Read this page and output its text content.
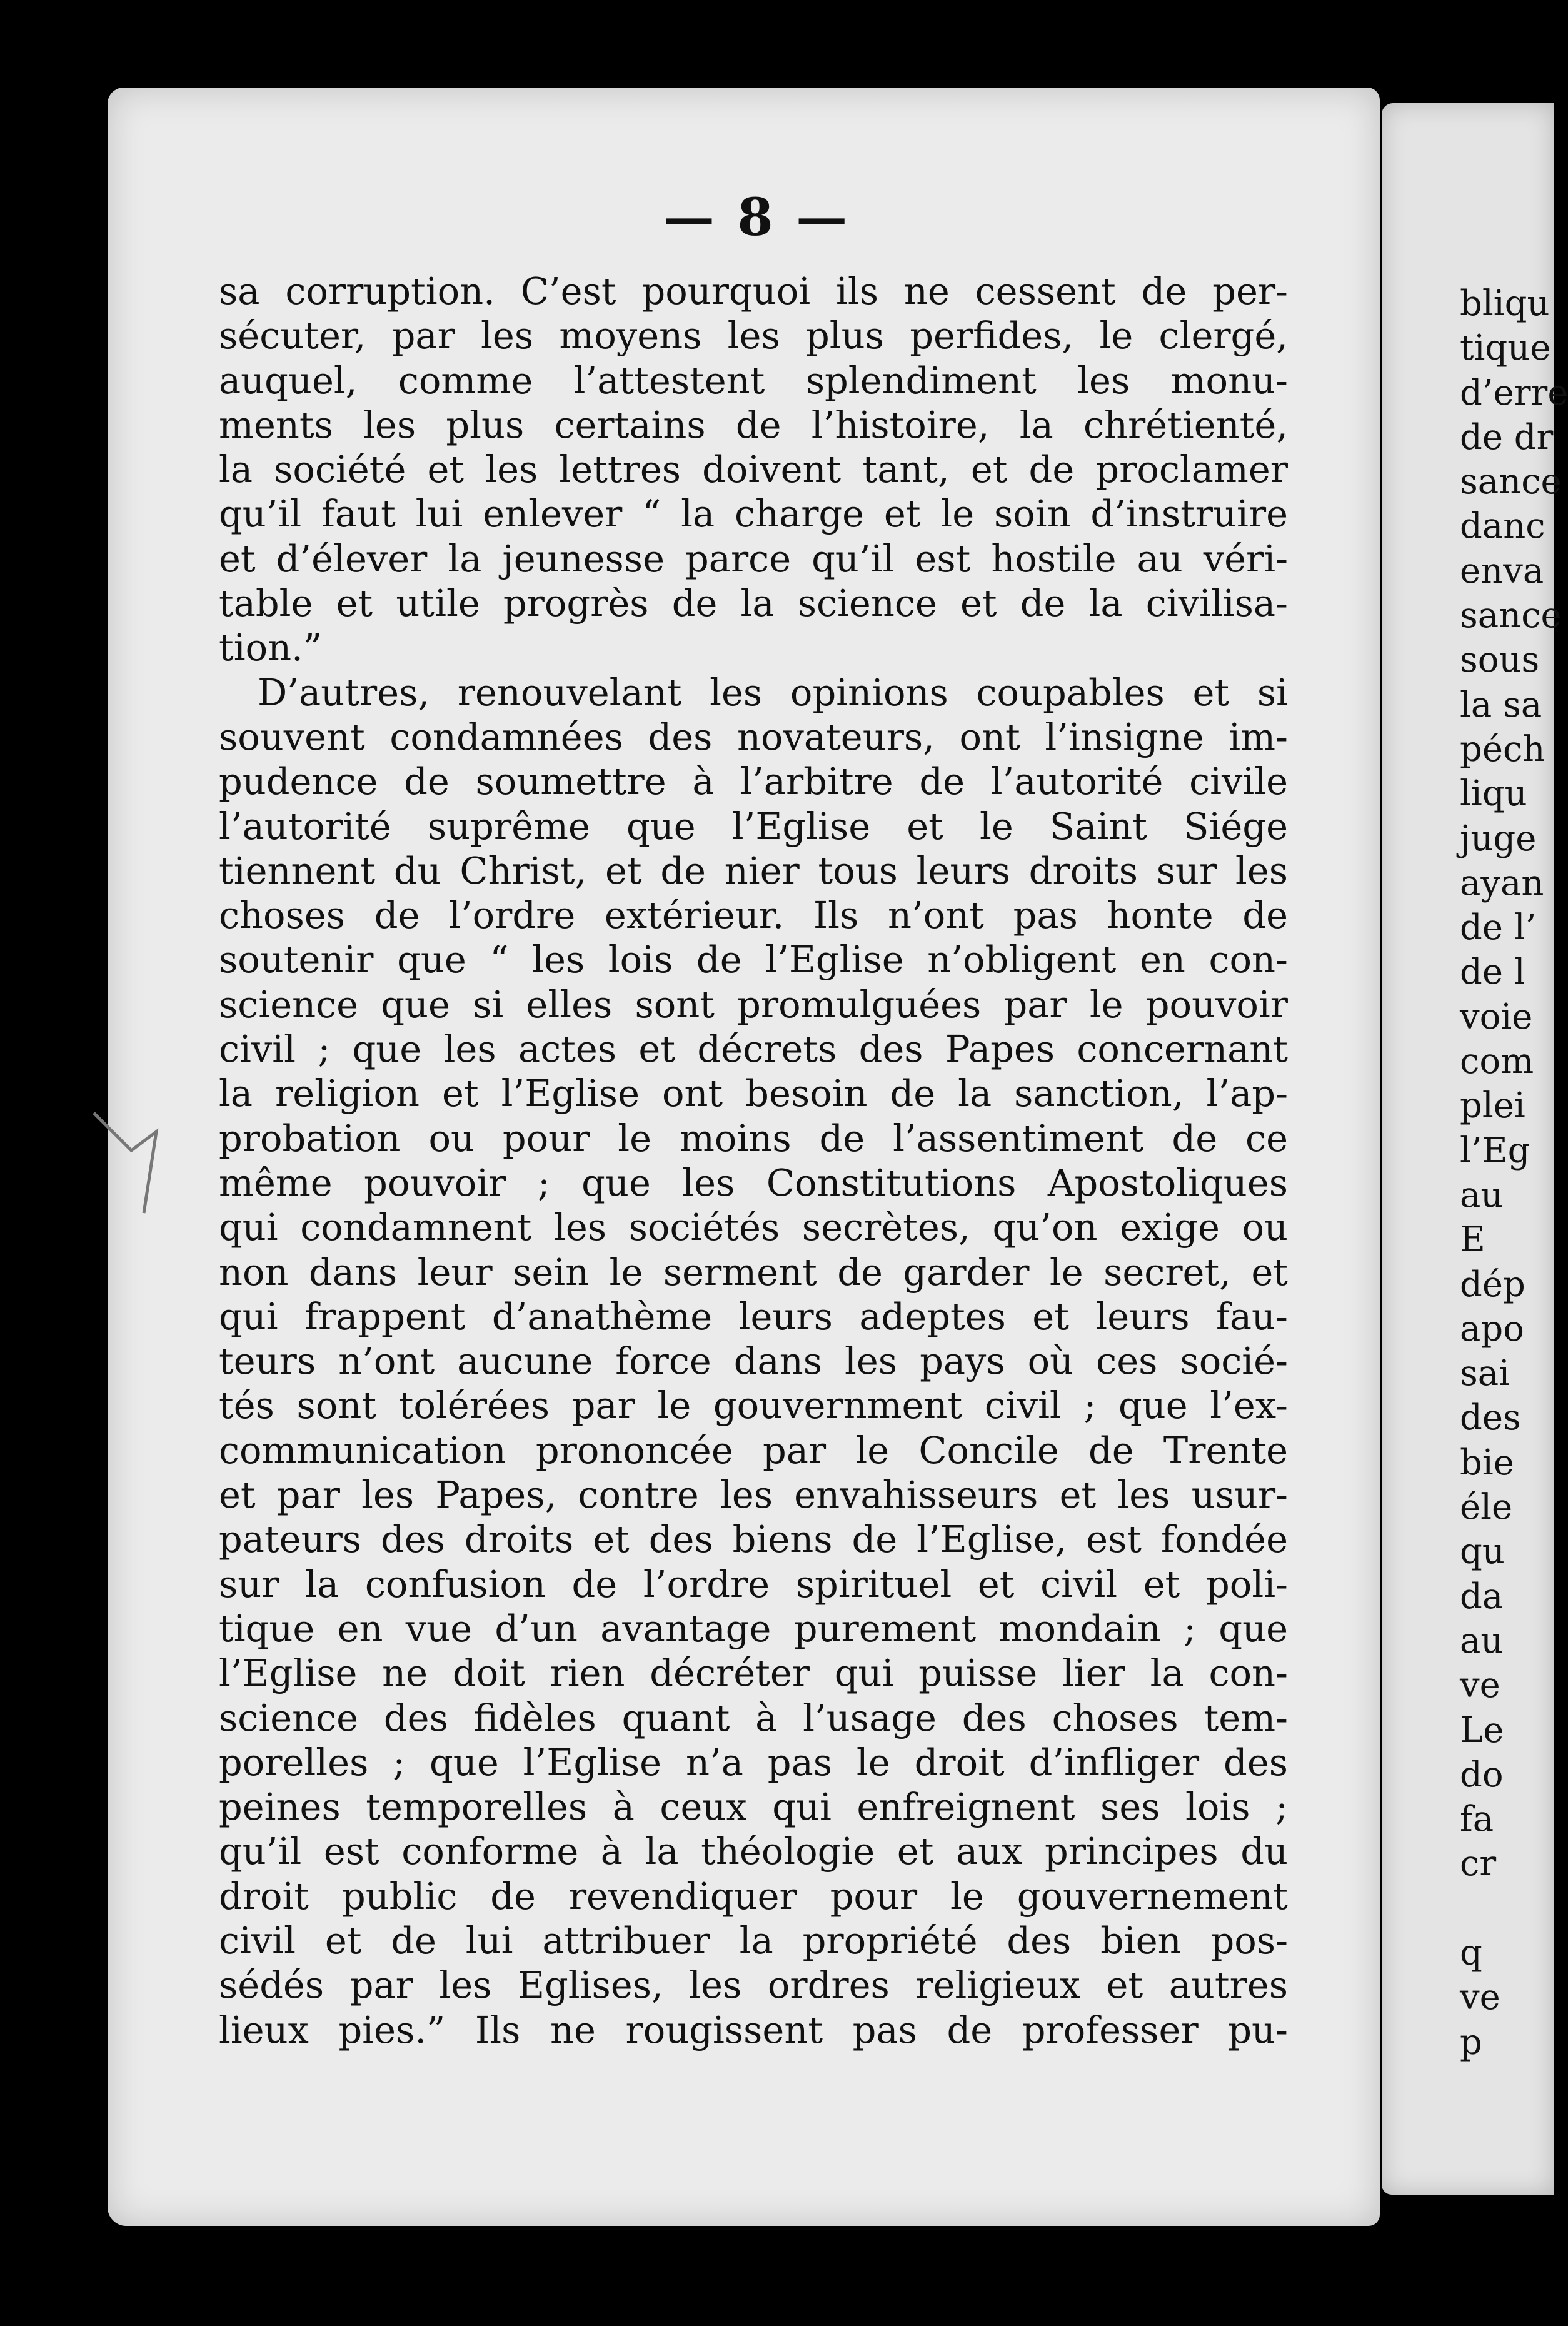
— 8 —
sa corruption. C’est pourquoi ils ne cessent de per-
sécuter, par les moyens les plus perfides, le clergé,
auquel, comme l’attestent splendiment les monu-
ments les plus certains de l’histoire, la chrétienté,
la société et les lettres doivent tant, et de proclamer
qu’il faut lui enlever “ la charge et le soin d’instruire
et d’élever la jeunesse parce qu’il est hostile au véri-
table et utile progrès de la science et de la civilisa-
tion.”
D’autres, renouvelant les opinions coupables et si
souvent condamnées des novateurs, ont l’insigne im-
pudence de soumettre à l’arbitre de l’autorité civile
l’autorité suprême que l’Eglise et le Saint Siége
tiennent du Christ, et de nier tous leurs droits sur les
choses de l’ordre extérieur. Ils n’ont pas honte de
soutenir que “ les lois de l’Eglise n’obligent en con-
science que si elles sont promulguées par le pouvoir
civil ; que les actes et décrets des Papes concernant
la religion et l’Eglise ont besoin de la sanction, l’ap-
probation ou pour le moins de l’assentiment de ce
même pouvoir ; que les Constitutions Apostoliques
qui condamnent les sociétés secrètes, qu’on exige ou
non dans leur sein le serment de garder le secret, et
qui frappent d’anathème leurs adeptes et leurs fau-
teurs n’ont aucune force dans les pays où ces socié-
tés sont tolérées par le gouvernment civil ; que l’ex-
communication prononcée par le Concile de Trente
et par les Papes, contre les envahisseurs et les usur-
pateurs des droits et des biens de l’Eglise, est fondée
sur la confusion de l’ordre spirituel et civil et poli-
tique en vue d’un avantage purement mondain ; que
l’Eglise ne doit rien décréter qui puisse lier la con-
science des fidèles quant à l’usage des choses tem-
porelles ; que l’Eglise n’a pas le droit d’infliger des
peines temporelles à ceux qui enfreignent ses lois ;
qu’il est conforme à la théologie et aux principes du
droit public de revendiquer pour le gouvernement
civil et de lui attribuer la propriété des bien pos-
sédés par les Eglises, les ordres religieux et autres
lieux pies.” Ils ne rougissent pas de professer pu-
bliqu
tique
d’erre
de dr
sance
danc
enva
sance
sous
la sa
péch
liqu
juge
ayan
de l’
de l
voie
com
plei
l’Eg
au
E
dép
apo
sai
des
bie
éle
qu
da
au
ve
Le
do
fa
cr
q
ve
p
